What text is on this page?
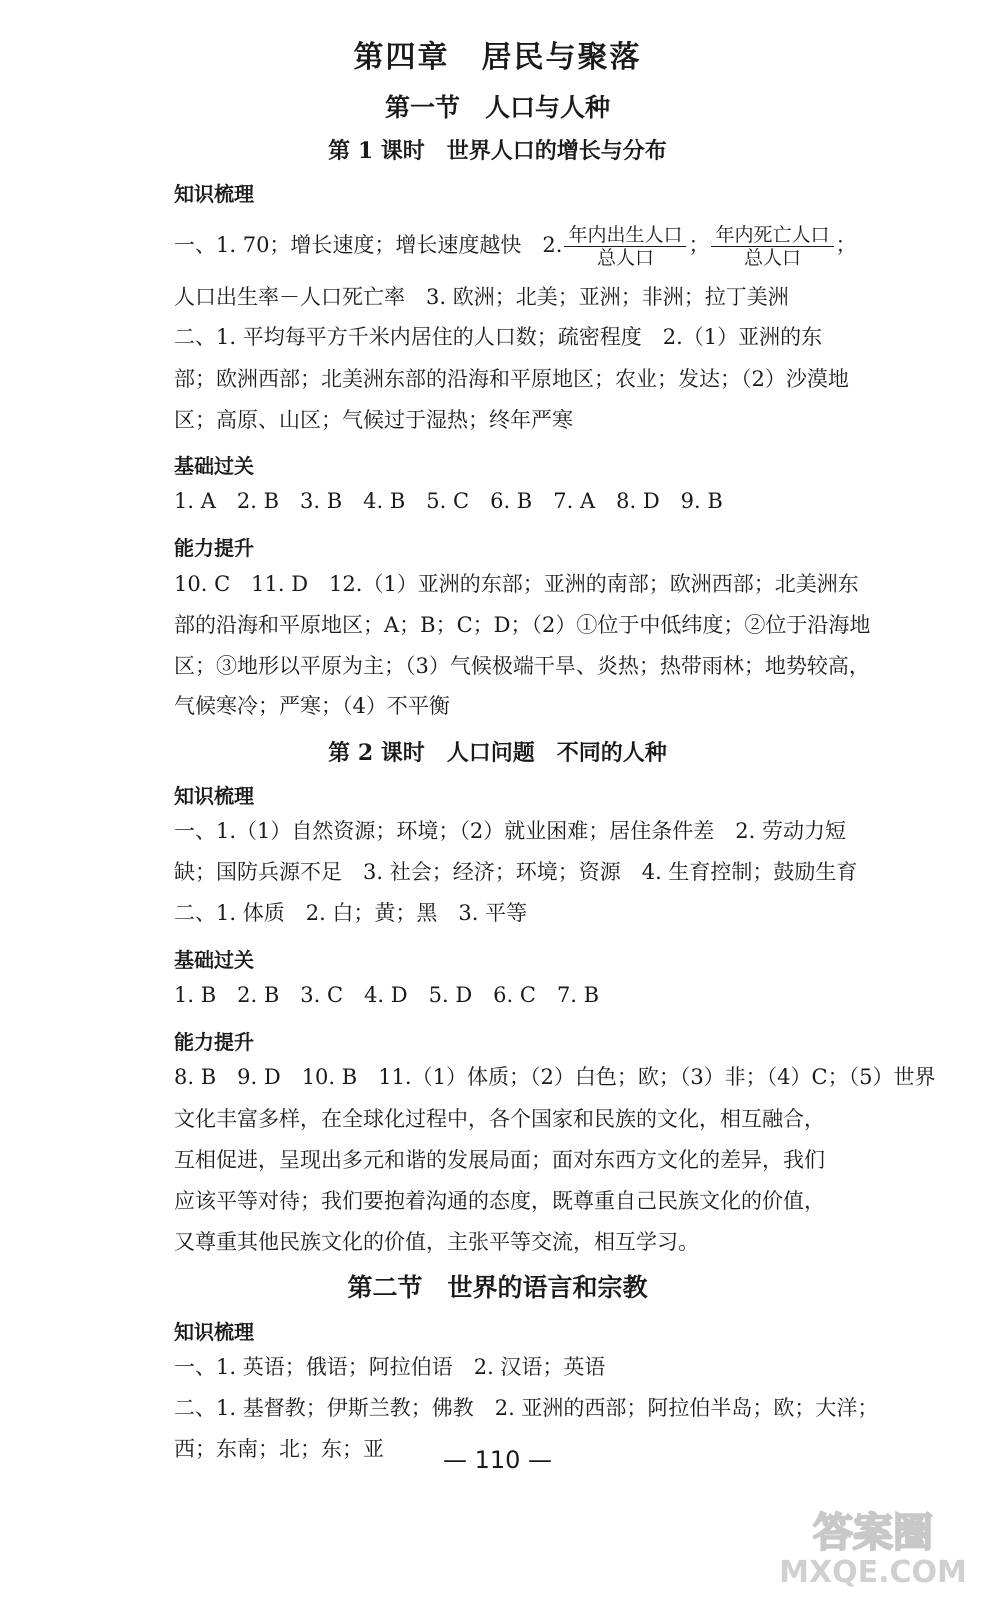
第四章　居民与聚落
第一节　人口与人种
第 1 课时　世界人口的增长与分布
知识梳理
一、1. 70；增长速度；增长速度越快　2. $\frac{\text{年内出生人口}}{\text{总人口}}$ ； $\frac{\text{年内死亡人口}}{\text{总人口}}$ ；
人口出生率－人口死亡率　3. 欧洲；北美；亚洲；非洲；拉丁美洲
二、1. 平均每平方千米内居住的人口数；疏密程度　2.（1）亚洲的东
部；欧洲西部；北美洲东部的沿海和平原地区；农业；发达；（2）沙漠地
区；高原、山区；气候过于湿热；终年严寒
基础过关
1. A　2. B　3. B　4. B　5. C　6. B　7. A　8. D　9. B
能力提升
10. C　11. D　12.（1）亚洲的东部；亚洲的南部；欧洲西部；北美洲东
部的沿海和平原地区；A；B；C；D；（2）①位于中低纬度；②位于沿海地
区；③地形以平原为主；（3）气候极端干旱、炎热；热带雨林；地势较高，
气候寒冷；严寒；（4）不平衡
第 2 课时　人口问题　不同的人种
知识梳理
一、1.（1）自然资源；环境；（2）就业困难；居住条件差　2. 劳动力短
缺；国防兵源不足　3. 社会；经济；环境；资源　4. 生育控制；鼓励生育
二、1. 体质　2. 白；黄；黑　3. 平等
基础过关
1. B　2. B　3. C　4. D　5. D　6. C　7. B
能力提升
8. B　9. D　10. B　11.（1）体质；（2）白色；欧；（3）非；（4）C；（5）世界
文化丰富多样，在全球化过程中，各个国家和民族的文化，相互融合，
互相促进，呈现出多元和谐的发展局面；面对东西方文化的差异，我们
应该平等对待；我们要抱着沟通的态度，既尊重自己民族文化的价值，
又尊重其他民族文化的价值，主张平等交流，相互学习。
第二节　世界的语言和宗教
知识梳理
一、1. 英语；俄语；阿拉伯语　2. 汉语；英语
二、1. 基督教；伊斯兰教；佛教　2. 亚洲的西部；阿拉伯半岛；欧；大洋；
西；东南；北；东；亚	— 110 —
答案圈
MXQE.COM
